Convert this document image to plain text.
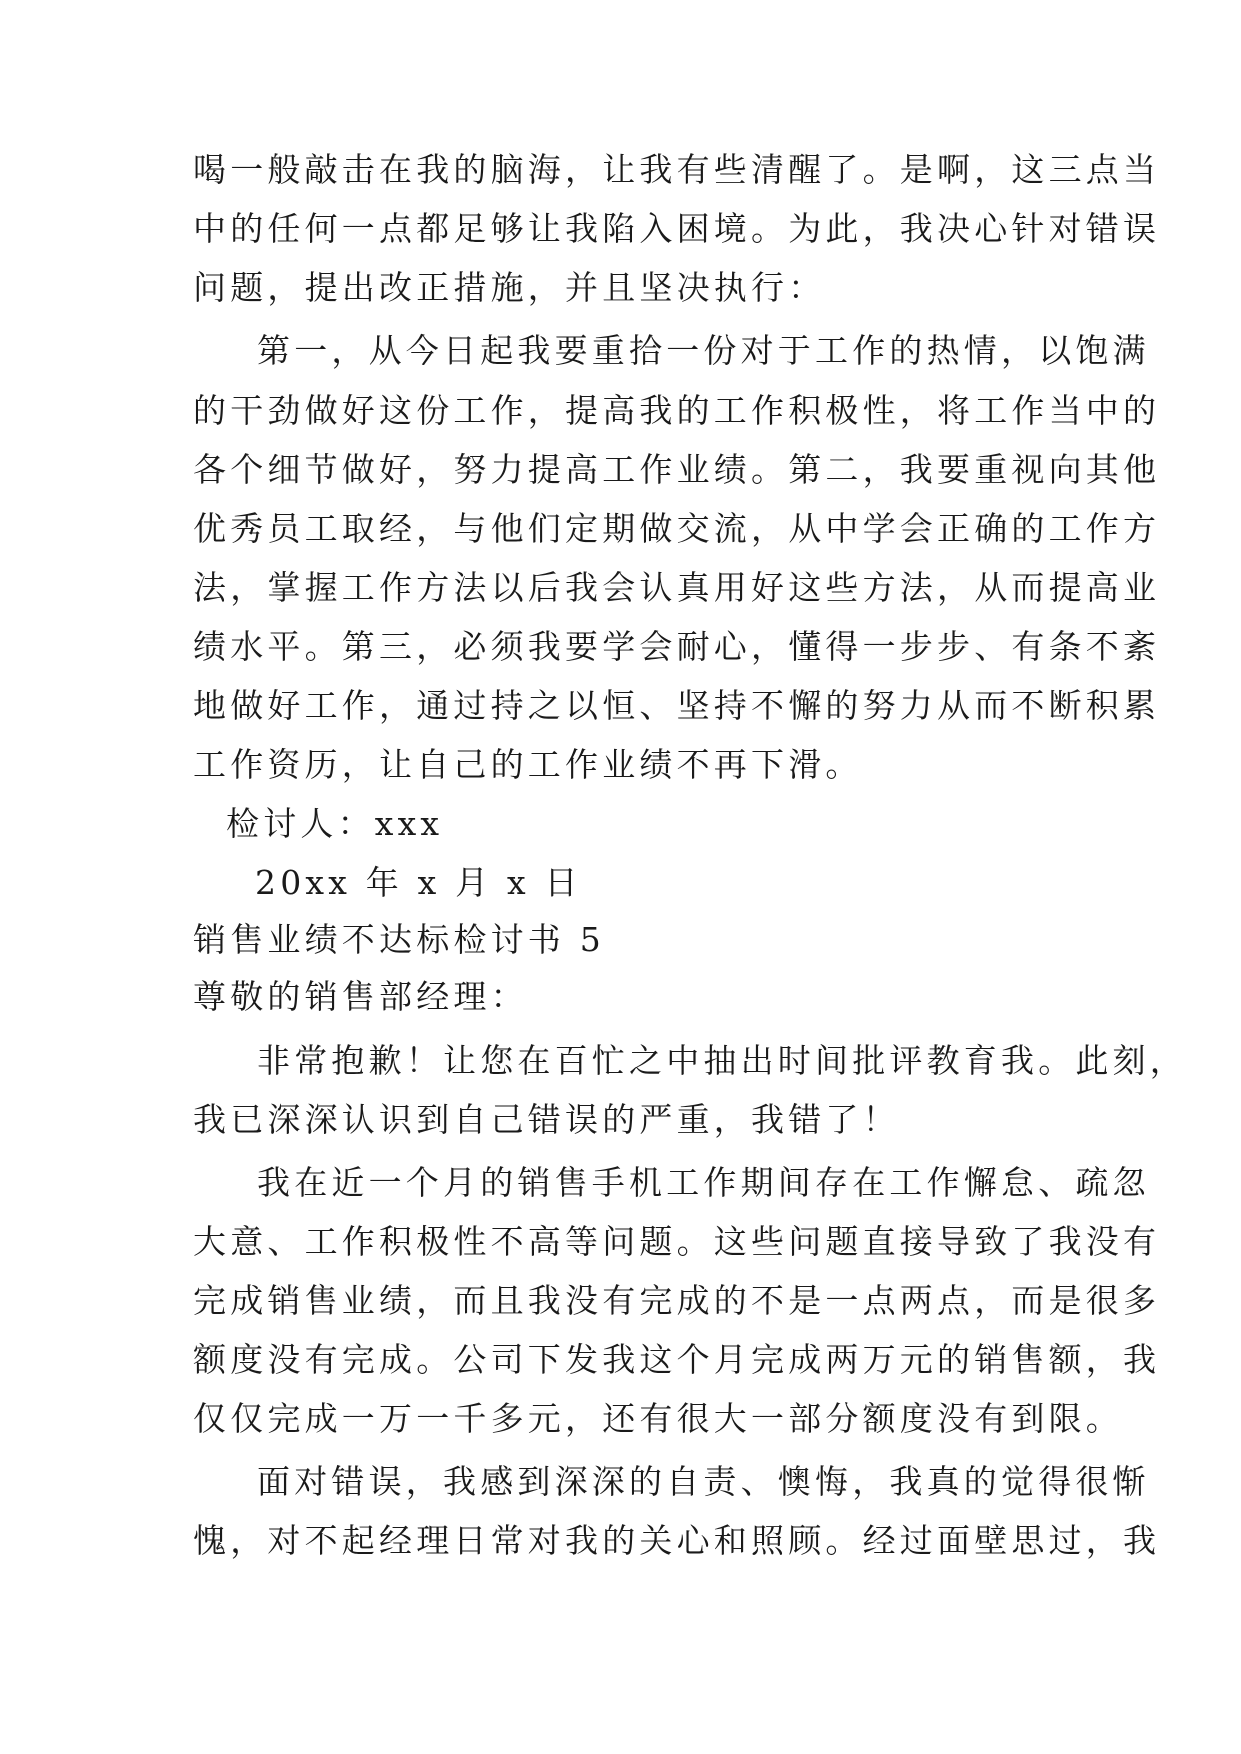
喝一般敲击在我的脑海，让我有些清醒了。是啊，这三点当
中的任何一点都足够让我陷入困境。为此，我决心针对错误
问题，提出改正措施，并且坚决执行：
第一，从今日起我要重拾一份对于工作的热情，以饱满
的干劲做好这份工作，提高我的工作积极性，将工作当中的
各个细节做好，努力提高工作业绩。第二，我要重视向其他
优秀员工取经，与他们定期做交流，从中学会正确的工作方
法，掌握工作方法以后我会认真用好这些方法，从而提高业
绩水平。第三，必须我要学会耐心，懂得一步步、有条不紊
地做好工作，通过持之以恒、坚持不懈的努力从而不断积累
工作资历，让自己的工作业绩不再下滑。
检讨人：xxx
20xx 年 x 月 x 日
销售业绩不达标检讨书 5
尊敬的销售部经理：
非常抱歉！让您在百忙之中抽出时间批评教育我。此刻，
我已深深认识到自己错误的严重，我错了！
我在近一个月的销售手机工作期间存在工作懈怠、疏忽
大意、工作积极性不高等问题。这些问题直接导致了我没有
完成销售业绩，而且我没有完成的不是一点两点，而是很多
额度没有完成。公司下发我这个月完成两万元的销售额，我
仅仅完成一万一千多元，还有很大一部分额度没有到限。
面对错误，我感到深深的自责、懊悔，我真的觉得很惭
愧，对不起经理日常对我的关心和照顾。经过面壁思过，我
